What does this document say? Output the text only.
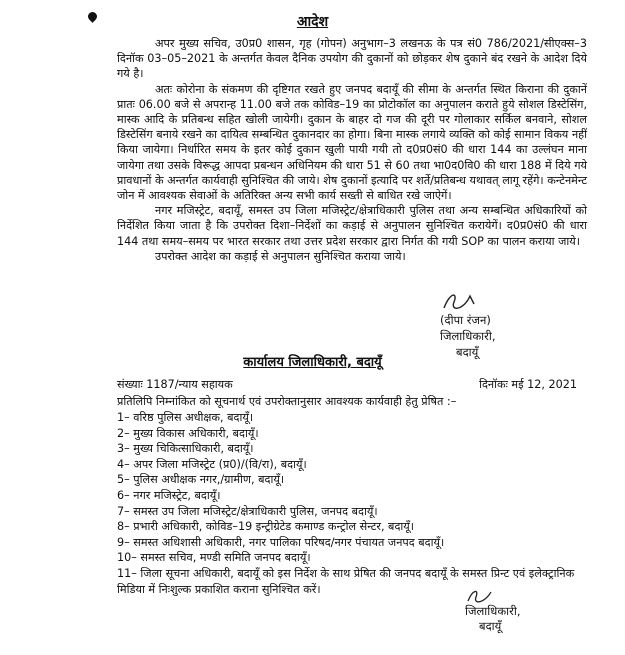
आदेश

अपर मुख्य सचिव, उ0प्र0 शासन, गृह (गोपन) अनुभाग–3 लखनऊ के पत्र सं0 786/2021/सीएक्स–3 दिनॉक 03–05–2021 के अन्तर्गत केवल दैनिक उपयोग की दुकानों को छोड़कर शेष दुकाने बंद रखने के आदेश दिये गये है।

अतः कोरोना के संकमण की दृष्टिगत रखते हुए जनपद बदायूँ की सीमा के अन्तर्गत स्थित किराना की दुकानें प्रातः 06.00 बजे से अपरान्ह 11.00 बजे तक कोविड–19 का प्रोटोकॉल का अनुपालन कराते हुये सोशल डिस्टेसिंग, मास्क आदि के प्रतिबन्ध सहित खोली जायेगी। दुकान के बाहर दो गज की दूरी पर गोलाकार सर्किल बनवाने, सोशल डिस्टेसिंग बनाये रखने का दायित्व सम्बन्धित दुकानदार का होगा। बिना मास्क लगाये व्यक्ति को कोई सामान विकय नहीं किया जायेगा। निर्धारित समय के इतर कोई दुकान खुली पायी गयी तो द0प्र0सं0 की धारा 144 का उल्लंघन माना जायेगा तथा उसके विरूद्ध आपदा प्रबन्धन अधिनियम की धारा 51 से 60 तथा भा0द0वि0 की धारा 188 में दिये गये प्रावधानों के अन्तर्गत कार्यवाही सुनिश्चित की जाये। शेष दुकानों इत्यादि पर शर्ते/प्रतिबन्ध यथावत् लागू रहेंगे। कन्टेनमेन्ट जोन में आवश्यक सेवाओं के अतिरिक्त अन्य सभी कार्य सख्ती से बाधित रखे जाऐगें।

नगर मजिस्ट्रेट, बदायूँ, समस्त उप जिला मजिस्ट्रेट/क्षेत्राधिकारी पुलिस तथा अन्य सम्बन्धित अधिकारियों को निर्देशित किया जाता है कि उपरोक्त दिशा–निर्देशों का कड़ाई से अनुपालन सुनिश्चित करायेगें। द0प्र0सं0 की धारा 144 तथा समय–समय पर भारत सरकार तथा उत्तर प्रदेश सरकार द्वारा निर्गत की गयी SOP का पालन कराया जाये।

उपरोक्त आदेश का कड़ाई से अनुपालन सुनिश्चित कराया जाये।

(दीपा रंजन)
जिलाधिकारी,
बदायूँ
कार्यालय जिलाधिकारी, बदायूँ
संख्याः 1187/न्याय सहायक	दिनॉकः मई 12, 2021
प्रतिलिपि निम्नांकित को सूचनार्थ एवं उपरोक्तानुसार आवश्यक कार्यवाही हेतु प्रेषित :–
1– वरिष्ठ पुलिस अधीक्षक, बदायूँ।
2– मुख्य विकास अधिकारी, बदायूँ।
3– मुख्य चिकित्साधिकारी, बदायूँ।
4– अपर जिला मजिस्ट्रेट (प्र0)/(वि/रा), बदायूँ।
5– पुलिस अधीक्षक नगर,/ग्रामीण, बदायूँ।
6– नगर मजिस्ट्रेट, बदायूँ।
7– समस्त उप जिला मजिस्ट्रेट/क्षेत्राधिकारी पुलिस, जनपद बदायूँ।
8– प्रभारी अधिकारी, कोविड–19 इन्ट्रीग्रेटेड कमाण्ड कन्ट्रोल सेन्टर, बदायूँ।
9– समस्त अधिशासी अधिकारी, नगर पालिका परिषद/नगर पंचायत जनपद बदायूँ।
10– समस्त सचिव, मण्डी समिति जनपद बदायूँ।
11– जिला सूचना अधिकारी, बदायूँ को इस निर्देश के साथ प्रेषित की जनपद बदायूँ के समस्त प्रिन्ट एवं इलेक्ट्रानिक मिडिया में निःशुल्क प्रकाशित कराना सुनिश्चित करें।
जिलाधिकारी,
बदायूँ
